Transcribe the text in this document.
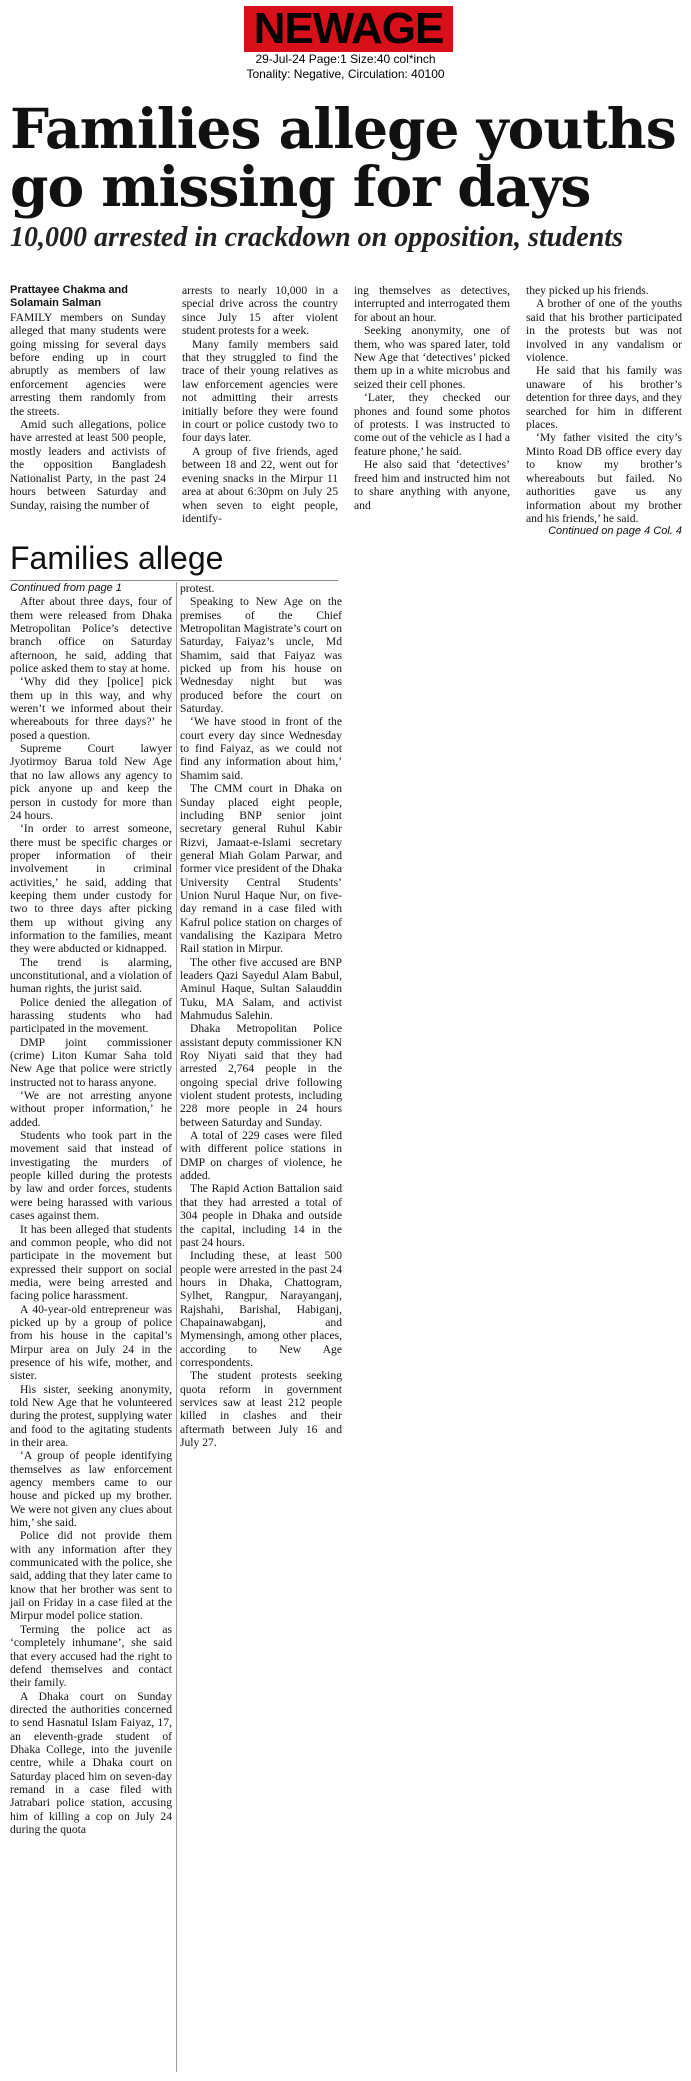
NEWAGE
29-Jul-24 Page:1 Size:40 col*inch
Tonality: Negative, Circulation: 40100
Families allege youths go missing for days
10,000 arrested in crackdown on opposition, students
Prattayee Chakma and
Solamain Salman

FAMILY members on Sunday alleged that many students were going missing for several days before ending up in court abruptly as members of law enforcement agencies were arresting them randomly from the streets.

Amid such allegations, police have arrested at least 500 people, mostly leaders and activists of the opposition Bangladesh Nationalist Party, in the past 24 hours between Saturday and Sunday, raising the number of

arrests to nearly 10,000 in a special drive across the country since July 15 after violent student protests for a week.

Many family members said that they struggled to find the trace of their young relatives as law enforcement agencies were not admitting their arrests initially before they were found in court or police custody two to four days later.

A group of five friends, aged between 18 and 22, went out for evening snacks in the Mirpur 11 area at about 6:30pm on July 25 when seven to eight people, identify-

ing themselves as detectives, interrupted and interrogated them for about an hour.

Seeking anonymity, one of them, who was spared later, told New Age that ‘detectives’ picked them up in a white microbus and seized their cell phones.

‘Later, they checked our phones and found some photos of protests. I was instructed to come out of the vehicle as I had a feature phone,’ he said.

He also said that ‘detectives’ freed him and instructed him not to share anything with anyone, and

they picked up his friends.

A brother of one of the youths said that his brother participated in the protests but was not involved in any vandalism or violence.

He said that his family was unaware of his brother’s detention for three days, and they searched for him in different places.

‘My father visited the city’s Minto Road DB office every day to know my brother’s whereabouts but failed. No authorities gave us any information about my brother and his friends,’ he said.

Continued on page 4 Col. 4
Families allege
Continued from page 1

After about three days, four of them were released from Dhaka Metropolitan Police’s detective branch office on Saturday afternoon, he said, adding that police asked them to stay at home.

‘Why did they [police] pick them up in this way, and why weren’t we informed about their whereabouts for three days?’ he posed a question.

Supreme Court lawyer Jyotirmoy Barua told New Age that no law allows any agency to pick anyone up and keep the person in custody for more than 24 hours.

‘In order to arrest someone, there must be specific charges or proper information of their involvement in criminal activities,’ he said, adding that keeping them under custody for two to three days after picking them up without giving any information to the families, meant they were abducted or kidnapped.

The trend is alarming, unconstitutional, and a violation of human rights, the jurist said.

Police denied the allegation of harassing students who had participated in the movement.

DMP joint commissioner (crime) Liton Kumar Saha told New Age that police were strictly instructed not to harass anyone.

‘We are not arresting anyone without proper information,’ he added.

Students who took part in the movement said that instead of investigating the murders of people killed during the protests by law and order forces, students were being harassed with various cases against them.

It has been alleged that students and common people, who did not participate in the movement but expressed their support on social media, were being arrested and facing police harassment.

A 40-year-old entrepreneur was picked up by a group of police from his house in the capital’s Mirpur area on July 24 in the presence of his wife, mother, and sister.

His sister, seeking anonymity, told New Age that he volunteered during the protest, supplying water and food to the agitating students in their area.

‘A group of people identifying themselves as law enforcement agency members came to our house and picked up my brother. We were not given any clues about him,’ she said.

Police did not provide them with any information after they communicated with the police, she said, adding that they later came to know that her brother was sent to jail on Friday in a case filed at the Mirpur model police station.

Terming the police act as ‘completely inhumane’, she said that every accused had the right to defend themselves and contact their family.

A Dhaka court on Sunday directed the authorities concerned to send Hasnatul Islam Faiyaz, 17, an eleventh-grade student of Dhaka College, into the juvenile centre, while a Dhaka court on Saturday placed him on seven-day remand in a case filed with Jatrabari police station, accusing him of killing a cop on July 24 during the quota

protest.

Speaking to New Age on the premises of the Chief Metropolitan Magistrate’s court on Saturday, Faiyaz’s uncle, Md Shamim, said that Faiyaz was picked up from his house on Wednesday night but was produced before the court on Saturday.

‘We have stood in front of the court every day since Wednesday to find Faiyaz, as we could not find any information about him,’ Shamim said.

The CMM court in Dhaka on Sunday placed eight people, including BNP senior joint secretary general Ruhul Kabir Rizvi, Jamaat-e-Islami secretary general Miah Golam Parwar, and former vice president of the Dhaka University Central Students’ Union Nurul Haque Nur, on five-day remand in a case filed with Kafrul police station on charges of vandalising the Kazipara Metro Rail station in Mirpur.

The other five accused are BNP leaders Qazi Sayedul Alam Babul, Aminul Haque, Sultan Salauddin Tuku, MA Salam, and activist Mahmudus Salehin.

Dhaka Metropolitan Police assistant deputy commissioner KN Roy Niyati said that they had arrested 2,764 people in the ongoing special drive following violent student protests, including 228 more people in 24 hours between Saturday and Sunday.

A total of 229 cases were filed with different police stations in DMP on charges of violence, he added.

The Rapid Action Battalion said that they had arrested a total of 304 people in Dhaka and outside the capital, including 14 in the past 24 hours.

Including these, at least 500 people were arrested in the past 24 hours in Dhaka, Chattogram, Sylhet, Rangpur, Narayanganj, Rajshahi, Barishal, Habiganj, Chapainawabganj, and Mymensingh, among other places, according to New Age correspondents.

The student protests seeking quota reform in government services saw at least 212 people killed in clashes and their aftermath between July 16 and July 27.
